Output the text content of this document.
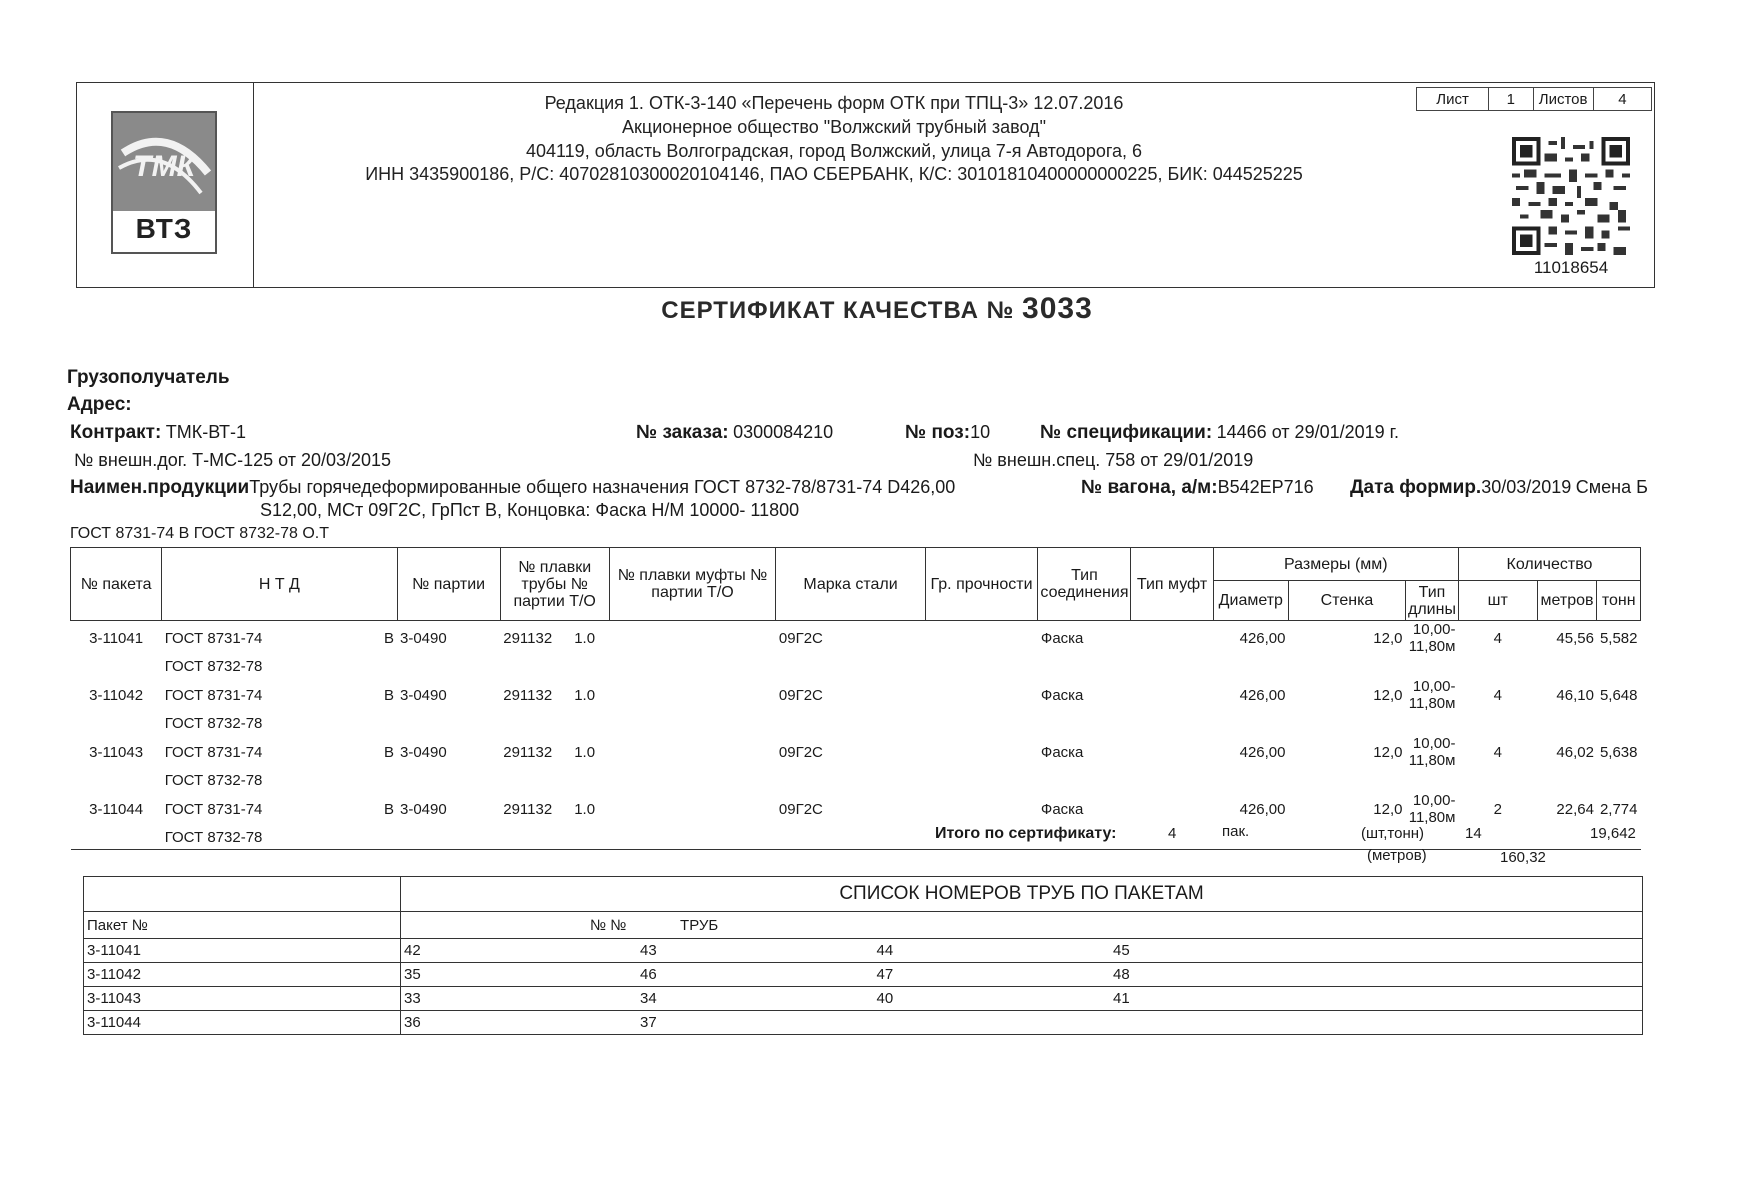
ТМК
ВТЗ
Редакция 1. ОТК-3-140 «Перечень форм ОТК при ТПЦ-3» 12.07.2016
Акционерное общество "Волжский трубный завод"
404119, область Волгоградская, город Волжский, улица 7-я Автодорога, 6
ИНН 3435900186, Р/С: 40702810300020104146, ПАО СБЕРБАНК, К/С: 30101810400000000225, БИК: 044525225
Лист	1	Листов	4
11018654
СЕРТИФИКАТ КАЧЕСТВА № 3033
Грузополучатель
Адрес:
Контракт: ТМК-ВТ-1	№ заказа: 0300084210	№ поз:10	№ спецификации: 14466 от 29/01/2019 г.
№ внешн.дог. Т-МС-125 от 20/03/2015	№ внешн.спец. 758 от 29/01/2019
Наимен.продукцииТрубы горячедеформированные общего назначения ГОСТ 8732-78/8731-74 D426,00
S12,00, МСт 09Г2С, ГрПст В, Концовка: Фаска Н/М 10000- 11800
№ вагона, а/м:В542ЕР716 Дата формир.30/03/2019 Смена Б
ГОСТ 8731-74 В ГОСТ 8732-78 О.Т
№ пакета	Н Т Д		№ партии	№ плавки трубы № партии Т/О	№ плавки муфты № партии Т/О	Марка стали	Гр. прочности	Тип соединения	Тип муфт	Размеры (мм)			Количество		
										Диаметр	Стенка	Тип длины	шт	метров	тонн
3-11041	ГОСТ 8731-74	В	3-0490	291132 1.0		09Г2С		Фаска		426,00	12,0	10,00-11,80м	4	45,56	5,582
	ГОСТ 8732-78														
3-11042	ГОСТ 8731-74	В	3-0490	291132 1.0		09Г2С		Фаска		426,00	12,0	10,00-11,80м	4	46,10	5,648
	ГОСТ 8732-78														
3-11043	ГОСТ 8731-74	В	3-0490	291132 1.0		09Г2С		Фаска		426,00	12,0	10,00-11,80м	4	46,02	5,638
	ГОСТ 8732-78														
3-11044	ГОСТ 8731-74	В	3-0490	291132 1.0		09Г2С		Фаска		426,00	12,0	10,00-11,80м	2	22,64	2,774
	ГОСТ 8732-78															Итого по сертификату:	4	пак.	(шт,тонн)	14	19,642
(метров)	160,32
	СПИСОК НОМЕРОВ ТРУБ ПО ПАКЕТАМ				
Пакет №	№ № ТРУБ				
3-11041	42	43	44	45	
3-11042	35	46	47	48	
3-11043	33	34	40	41	
3-11044	36	37			
